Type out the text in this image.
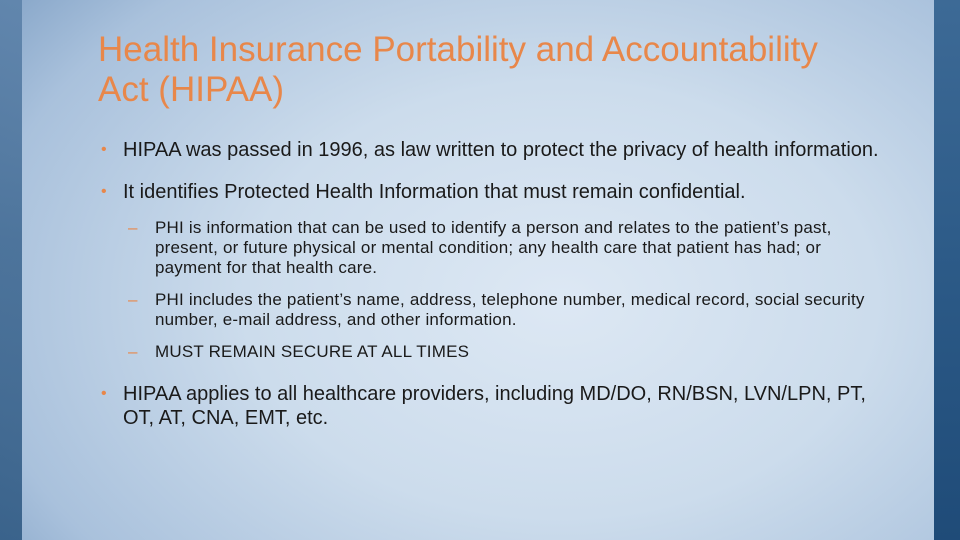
Health Insurance Portability and Accountability Act (HIPAA)
• HIPAA was passed in 1996, as law written to protect the privacy of health information.
• It identifies Protected Health Information that must remain confidential.
– PHI is information that can be used to identify a person and relates to the patient’s past, present, or future physical or mental condition; any health care that patient has had; or payment for that health care.
– PHI includes the patient’s name, address, telephone number, medical record, social security number, e-mail address, and other information.
– MUST REMAIN SECURE AT ALL TIMES
• HIPAA applies to all healthcare providers, including MD/DO, RN/BSN, LVN/LPN, PT, OT, AT, CNA, EMT, etc.
